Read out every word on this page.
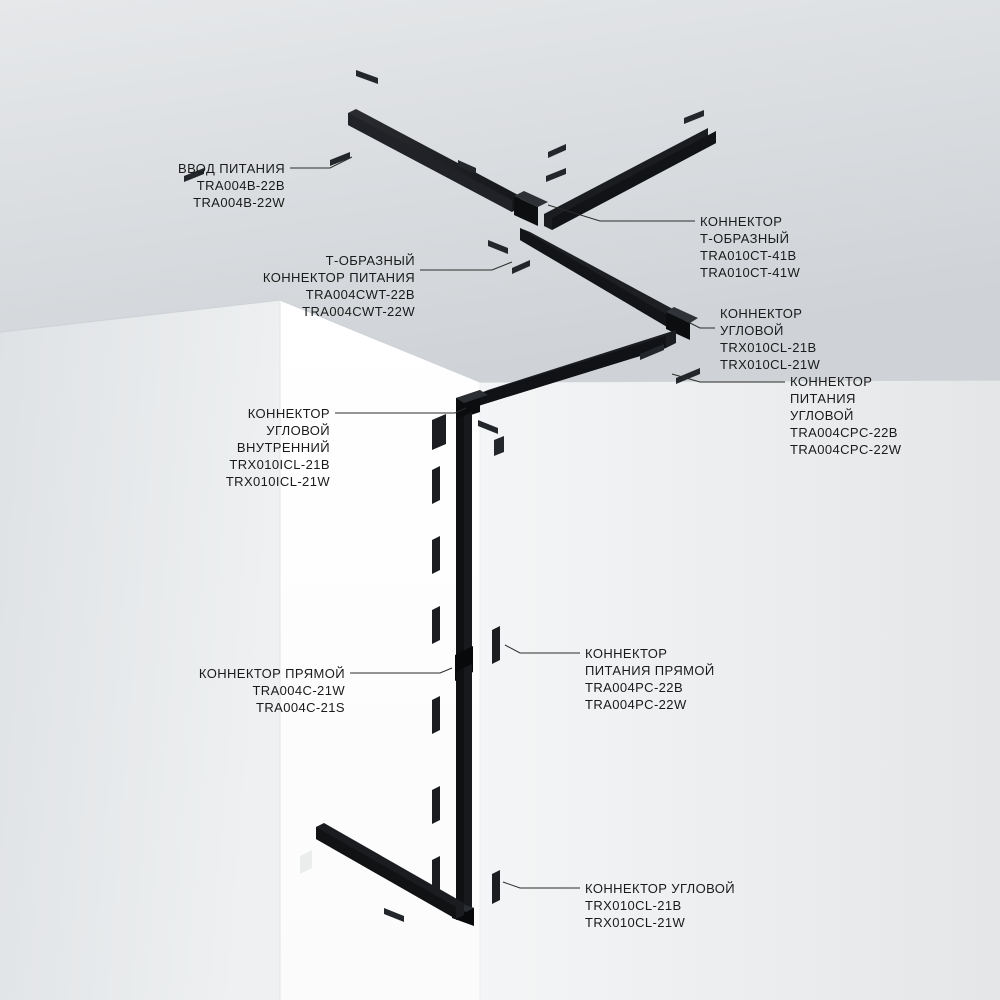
ВВОД ПИТАНИЯ
TRA004B-22B
TRA004B-22W
Т-ОБРАЗНЫЙ
КОННЕКТОР ПИТАНИЯ
TRA004CWT-22B
TRA004CWT-22W
КОННЕКТОР
УГЛОВОЙ
ВНУТРЕННИЙ
TRX010ICL-21B
TRX010ICL-21W
КОННЕКТОР ПРЯМОЙ
TRA004C-21W
TRA004C-21S
КОННЕКТОР
Т-ОБРАЗНЫЙ
TRA010CT-41B
TRA010CT-41W
КОННЕКТОР
УГЛОВОЙ
TRX010CL-21B
TRX010CL-21W
КОННЕКТОР
ПИТАНИЯ
УГЛОВОЙ
TRA004CPC-22B
TRA004CPC-22W
КОННЕКТОР
ПИТАНИЯ ПРЯМОЙ
TRA004PC-22B
TRA004PC-22W
КОННЕКТОР УГЛОВОЙ
TRX010CL-21B
TRX010CL-21W
